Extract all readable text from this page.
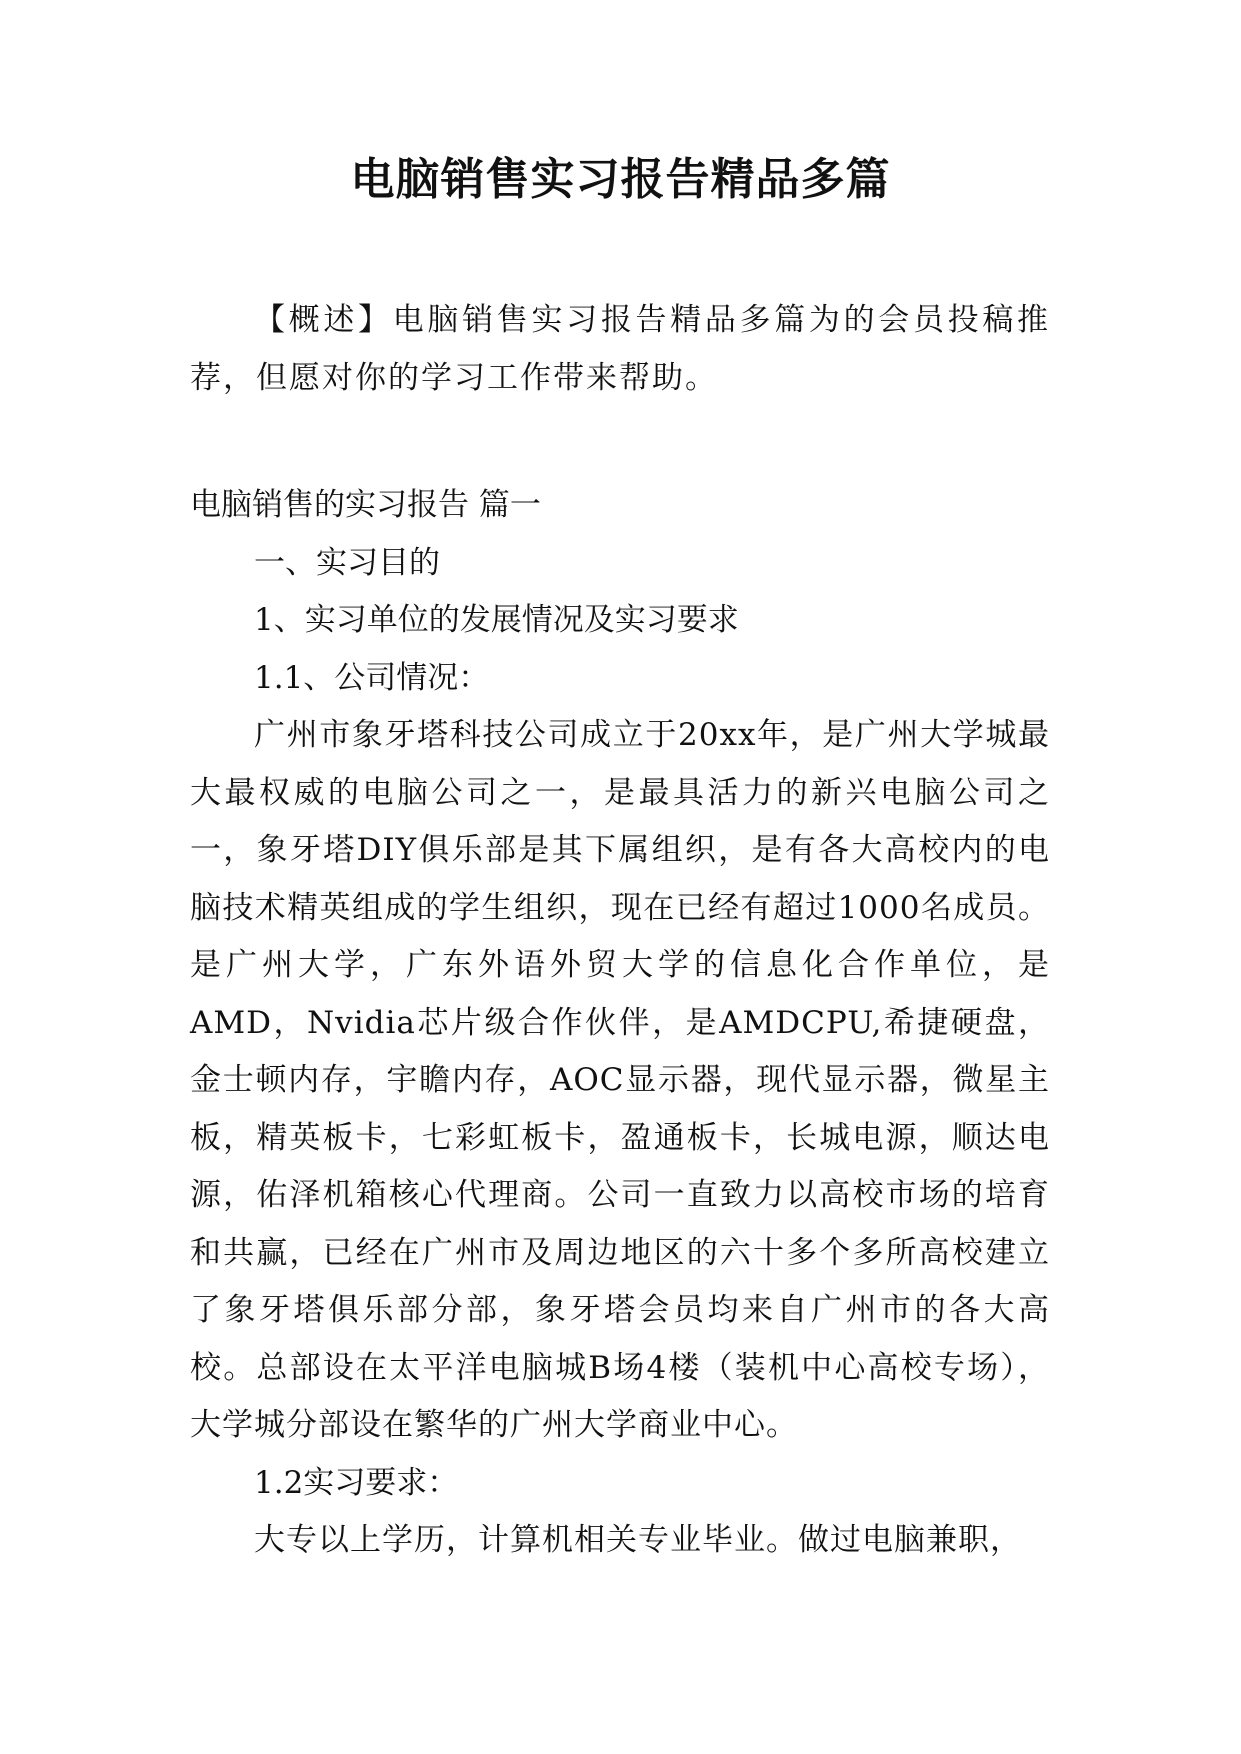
电脑销售实习报告精品多篇

【概述】电脑销售实习报告精品多篇为的会员投稿推荐，但愿对你的学习工作带来帮助。

电脑销售的实习报告 篇一

一、实习目的

1、实习单位的发展情况及实习要求

1.1、公司情况：

广州市象牙塔科技公司成立于20xx年，是广州大学城最大最权威的电脑公司之一，是最具活力的新兴电脑公司之一，象牙塔DIY俱乐部是其下属组织，是有各大高校内的电脑技术精英组成的学生组织，现在已经有超过1000名成员。是广州大学，广东外语外贸大学的信息化合作单位，是AMD，Nvidia芯片级合作伙伴，是AMDCPU,希捷硬盘，金士顿内存，宇瞻内存，AOC显示器，现代显示器，微星主板，精英板卡，七彩虹板卡，盈通板卡，长城电源，顺达电源，佑泽机箱核心代理商。公司一直致力以高校市场的培育和共赢，已经在广州市及周边地区的六十多个多所高校建立了象牙塔俱乐部分部，象牙塔会员均来自广州市的各大高校。总部设在太平洋电脑城B场4楼（装机中心高校专场），大学城分部设在繁华的广州大学商业中心。

1.2实习要求：

大专以上学历，计算机相关专业毕业。做过电脑兼职，
